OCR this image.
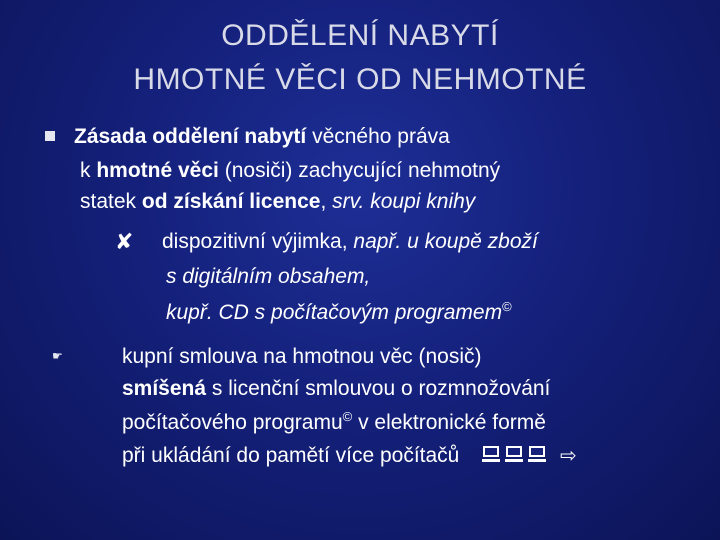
ODDĚLENÍ NABYTÍ
HMOTNÉ VĚCI OD NEHMOTNÉ
Zásada oddělení nabytí věcného práva
k hmotné věci (nosiči) zachycující nehmotný
statek od získání licence, srv. koupi knihy
✘ dispozitivní výjimka, např. u koupě zboží
s digitálním obsahem,
kupř. CD s počítačovým programem©
☛	kupní smlouva na hmotnou věc (nosič)
smíšená s licenční smlouvou o rozmnožování
počítačového programu© v elektronické formě
při ukládání do pamětí více počítačů	⇨
